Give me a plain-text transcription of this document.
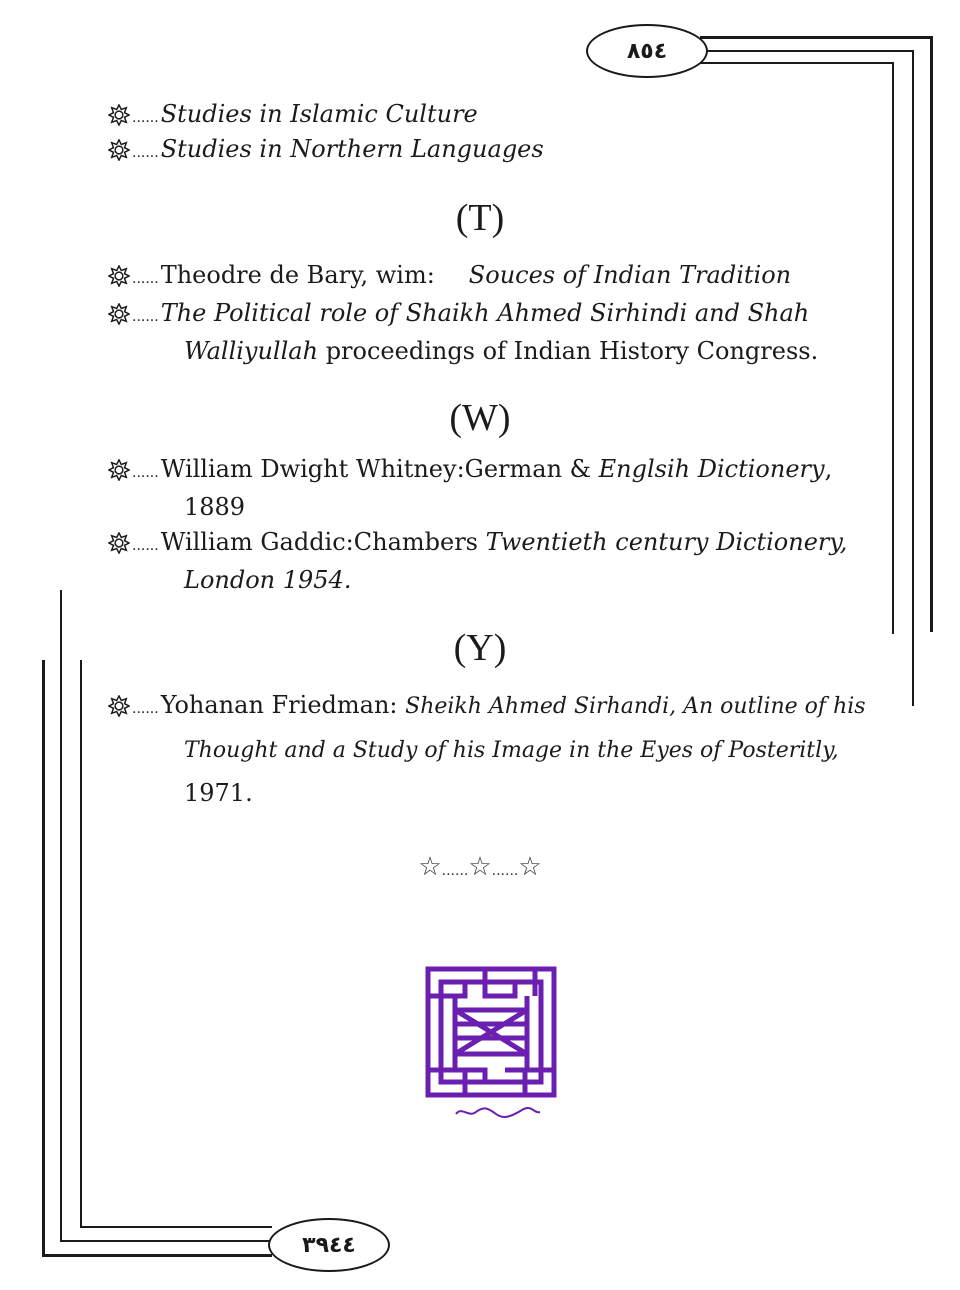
٨٥٤
٣٩٤٤
......Studies in Islamic Culture
......Studies in Northern Languages
(T)
......Theodre de Bary, wim: Souces of Indian Tradition
......The Political role of Shaikh Ahmed Sirhindi and Shah
Walliyullah proceedings of Indian History Congress.
(W)
......William Dwight Whitney:German & Englsih Dictionery,
1889
......William Gaddic:Chambers Twentieth century Dictionery,
London 1954.
(Y)
......Yohanan Friedman: Sheikh Ahmed Sirhandi, An outline of his
Thought and a Study of his Image in the Eyes of Posteritly,
1971.
☆......☆......☆
